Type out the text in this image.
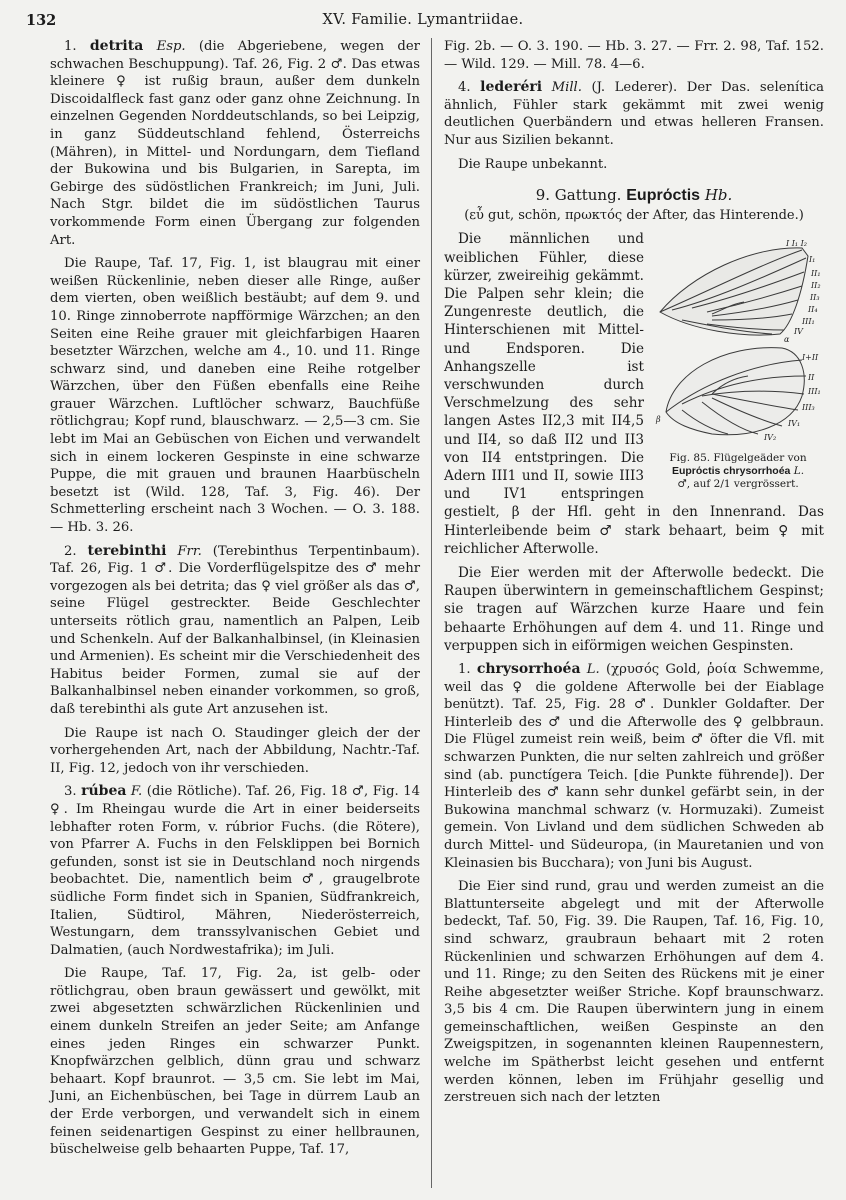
132	XV. Familie. Lymantriidae.

1. detrita Esp. (die Abgeriebene, wegen der schwachen Beschuppung). Taf. 26, Fig. 2 ♂. Das etwas kleinere ♀ ist rußig braun, außer dem dunkeln Discoidalfleck fast ganz oder ganz ohne Zeichnung. In einzelnen Gegenden Norddeutschlands, so bei Leipzig, in ganz Süddeutschland fehlend, Österreichs (Mähren), in Mittel- und Nordungarn, dem Tiefland der Bukowina und bis Bulgarien, in Sarepta, im Gebirge des südöstlichen Frankreich; im Juni, Juli. Nach Stgr. bildet die im südöstlichen Taurus vorkommende Form einen Übergang zur folgenden Art.

Die Raupe, Taf. 17, Fig. 1, ist blaugrau mit einer weißen Rückenlinie, neben dieser alle Ringe, außer dem vierten, oben weißlich bestäubt; auf dem 9. und 10. Ringe zinnoberrote napfförmige Wärzchen; an den Seiten eine Reihe grauer mit gleichfarbigen Haaren besetzter Wärzchen, welche am 4., 10. und 11. Ringe schwarz sind, und daneben eine Reihe rotgelber Wärzchen, über den Füßen ebenfalls eine Reihe grauer Wärzchen. Luftlöcher schwarz, Bauchfüße rötlichgrau; Kopf rund, blauschwarz. — 2,5—3 cm. Sie lebt im Mai an Gebüschen von Eichen und verwandelt sich in einem lockeren Gespinste in eine schwarze Puppe, die mit grauen und braunen Haarbüscheln besetzt ist (Wild. 128, Taf. 3, Fig. 46). Der Schmetterling erscheint nach 3 Wochen. — O. 3. 188. — Hb. 3. 26.

2. terebinthi Frr. (Terebinthus Terpentinbaum). Taf. 26, Fig. 1 ♂. Die Vorderflügelspitze des ♂ mehr vorgezogen als bei detrita; das ♀ viel größer als das ♂, seine Flügel gestreckter. Beide Geschlechter unterseits rötlich grau, namentlich an Palpen, Leib und Schenkeln. Auf der Balkanhalbinsel, (in Kleinasien und Armenien). Es scheint mir die Verschiedenheit des Habitus beider Formen, zumal sie auf der Balkanhalbinsel neben einander vorkommen, so groß, daß terebinthi als gute Art anzusehen ist.

Die Raupe ist nach O. Staudinger gleich der der vorhergehenden Art, nach der Abbildung, Nachtr.-Taf. II, Fig. 12, jedoch von ihr verschieden.

3. rúbea F. (die Rötliche). Taf. 26, Fig. 18 ♂, Fig. 14 ♀. Im Rheingau wurde die Art in einer beiderseits lebhafter roten Form, v. rúbrior Fuchs. (die Rötere), von Pfarrer A. Fuchs in den Felsklippen bei Bornich gefunden, sonst ist sie in Deutschland noch nirgends beobachtet. Die, namentlich beim ♂, graugelbrote südliche Form findet sich in Spanien, Südfrankreich, Italien, Südtirol, Mähren, Niederösterreich, Westungarn, dem transsylvanischen Gebiet und Dalmatien, (auch Nordwestafrika); im Juli.

Die Raupe, Taf. 17, Fig. 2a, ist gelb- oder rötlichgrau, oben braun gewässert und gewölkt, mit zwei abgesetzten schwärzlichen Rückenlinien und einem dunkeln Streifen an jeder Seite; am Anfange eines jeden Ringes ein schwarzer Punkt. Knopfwärzchen gelblich, dünn grau und schwarz behaart. Kopf braunrot. — 3,5 cm. Sie lebt im Mai, Juni, an Eichenbüschen, bei Tage in dürrem Laub an der Erde verborgen, und verwandelt sich in einem feinen seidenartigen Gespinst zu einer hellbraunen, büschelweise gelb behaarten Puppe, Taf. 17,

Fig. 2b. — O. 3. 190. — Hb. 3. 27. — Frr. 2. 98, Taf. 152. — Wild. 129. — Mill. 78. 4—6.

4. lederéri Mill. (J. Lederer). Der Das. selenítica ähnlich, Fühler stark gekämmt mit zwei wenig deutlichen Querbändern und etwas helleren Fransen. Nur aus Sizilien bekannt.

Die Raupe unbekannt.

9. Gattung. Euprόctis Hb.
(εὖ gut, schön, πρωκτός der After, das Hinterende.)
I I₁ I₂
I₁
II₁
II₂
II₃
II₄
III₁
IV
α
I+II
II
III₁
III₃
IV₁
IV₂
β
Fig. 85. Flügelgeäder von
Euprόctis chrysorrhoéa L.
♂, auf 2/1 vergrössert.

Die männlichen und weiblichen Fühler, diese kürzer, zweireihig gekämmt. Die Palpen sehr klein; die Zungenreste deutlich, die Hinterschienen mit Mittel- und Endsporen. Die Anhangszelle ist verschwunden durch Verschmelzung des sehr langen Astes II2,3 mit II4,5 und II4, so daß II2 und II3 von II4 entstpringen. Die Adern III1 und II, sowie III3 und IV1 entspringen gestielt, β der Hfl. geht in den Innenrand. Das Hinterleibende beim ♂ stark behaart, beim ♀ mit reichlicher Afterwolle.

Die Eier werden mit der Afterwolle bedeckt. Die Raupen überwintern in gemeinschaftlichem Gespinst; sie tragen auf Wärzchen kurze Haare und fein behaarte Erhöhungen auf dem 4. und 11. Ringe und verpuppen sich in eiförmigen weichen Gespinsten.

1. chrysorrhoéa L. (χρυσός Gold, ῥοία Schwemme, weil das ♀ die goldene Afterwolle bei der Eiablage benützt). Taf. 25, Fig. 28 ♂. Dunkler Goldafter. Der Hinterleib des ♂ und die Afterwolle des ♀ gelbbraun. Die Flügel zumeist rein weiß, beim ♂ öfter die Vfl. mit schwarzen Punkten, die nur selten zahlreich und größer sind (ab. punctígera Teich. [die Punkte führende]). Der Hinterleib des ♂ kann sehr dunkel gefärbt sein, in der Bukowina manchmal schwarz (v. Hormuzaki). Zumeist gemein. Von Livland und dem südlichen Schweden ab durch Mittel- und Südeuropa, (in Mauretanien und von Kleinasien bis Bucchara); von Juni bis August.

Die Eier sind rund, grau und werden zumeist an die Blattunterseite abgelegt und mit der Afterwolle bedeckt, Taf. 50, Fig. 39. Die Raupen, Taf. 16, Fig. 10, sind schwarz, graubraun behaart mit 2 roten Rückenlinien und schwarzen Erhöhungen auf dem 4. und 11. Ringe; zu den Seiten des Rückens mit je einer Reihe abgesetzter weißer Striche. Kopf braunschwarz. 3,5 bis 4 cm. Die Raupen überwintern jung in einem gemeinschaftlichen, weißen Gespinste an den Zweigspitzen, in sogenannten kleinen Raupennestern, welche im Spätherbst leicht gesehen und entfernt werden können, leben im Frühjahr gesellig und zerstreuen sich nach der letzten
